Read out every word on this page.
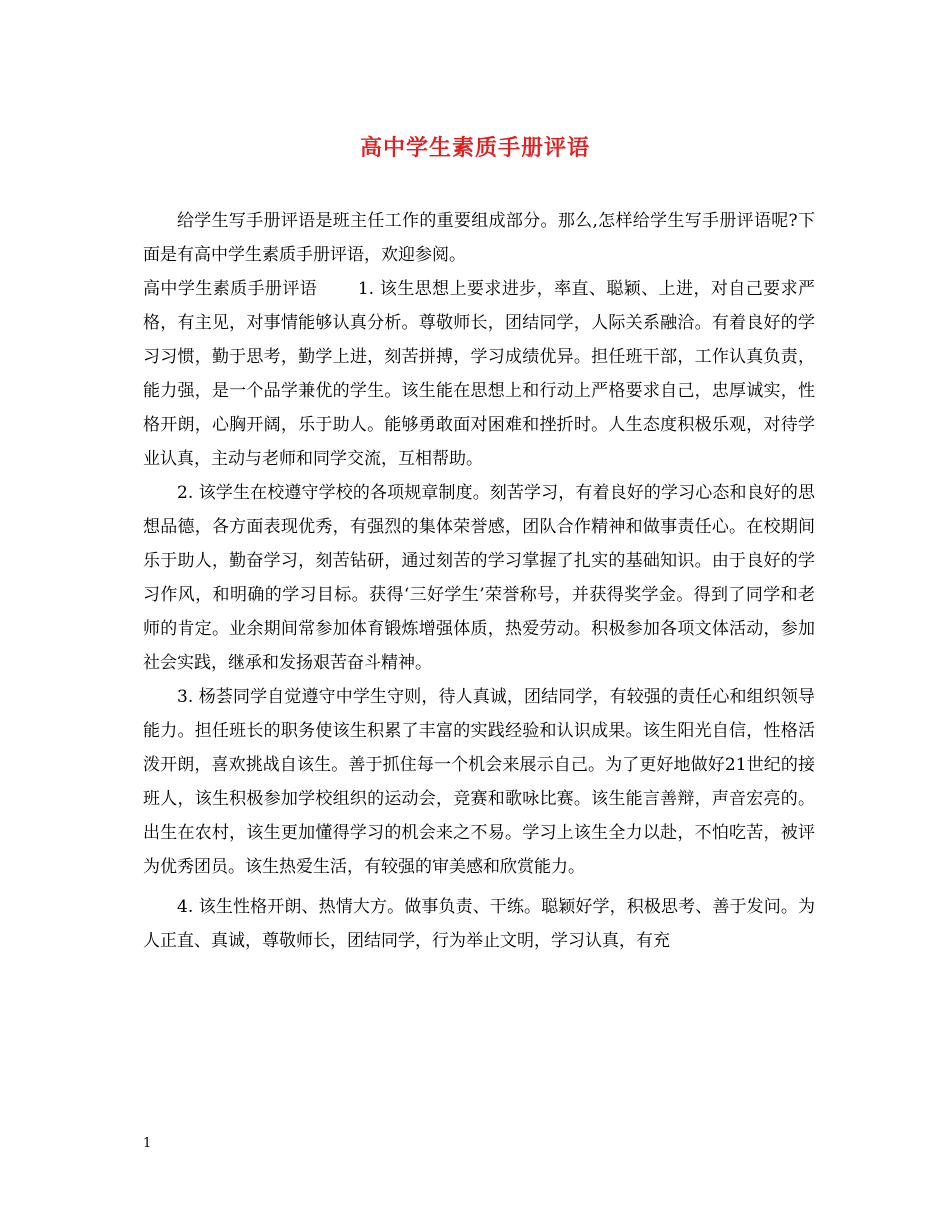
高中学生素质手册评语

给学生写手册评语是班主任工作的重要组成部分。那么,怎样给学生写手册评语呢?下面是有高中学生素质手册评语，欢迎参阅。

高中学生素质手册评语　　 1. 该生思想上要求进步，率直、聪颖、上进，对自己要求严格，有主见，对事情能够认真分析。尊敬师长，团结同学，人际关系融洽。有着良好的学习习惯，勤于思考，勤学上进，刻苦拼搏，学习成绩优异。担任班干部，工作认真负责，能力强，是一个品学兼优的学生。该生能在思想上和行动上严格要求自己，忠厚诚实，性格开朗，心胸开阔，乐于助人。能够勇敢面对困难和挫折时。人生态度积极乐观，对待学业认真，主动与老师和同学交流，互相帮助。

2. 该学生在校遵守学校的各项规章制度。刻苦学习，有着良好的学习心态和良好的思想品德，各方面表现优秀，有强烈的集体荣誉感，团队合作精神和做事责任心。在校期间乐于助人，勤奋学习，刻苦钻研，通过刻苦的学习掌握了扎实的基础知识。由于良好的学习作风，和明确的学习目标。获得‘三好学生’荣誉称号，并获得奖学金。得到了同学和老师的肯定。业余期间常参加体育锻炼增强体质，热爱劳动。积极参加各项文体活动，参加社会实践，继承和发扬艰苦奋斗精神。

3. 杨荟同学自觉遵守中学生守则，待人真诚，团结同学，有较强的责任心和组织领导能力。担任班长的职务使该生积累了丰富的实践经验和认识成果。该生阳光自信，性格活泼开朗，喜欢挑战自该生。善于抓住每一个机会来展示自己。为了更好地做好21世纪的接班人，该生积极参加学校组织的运动会，竞赛和歌咏比赛。该生能言善辩，声音宏亮的。出生在农村，该生更加懂得学习的机会来之不易。学习上该生全力以赴，不怕吃苦，被评为优秀团员。该生热爱生活，有较强的审美感和欣赏能力。

4. 该生性格开朗、热情大方。做事负责、干练。聪颖好学，积极思考、善于发问。为人正直、真诚，尊敬师长，团结同学，行为举止文明，学习认真，有充

1
